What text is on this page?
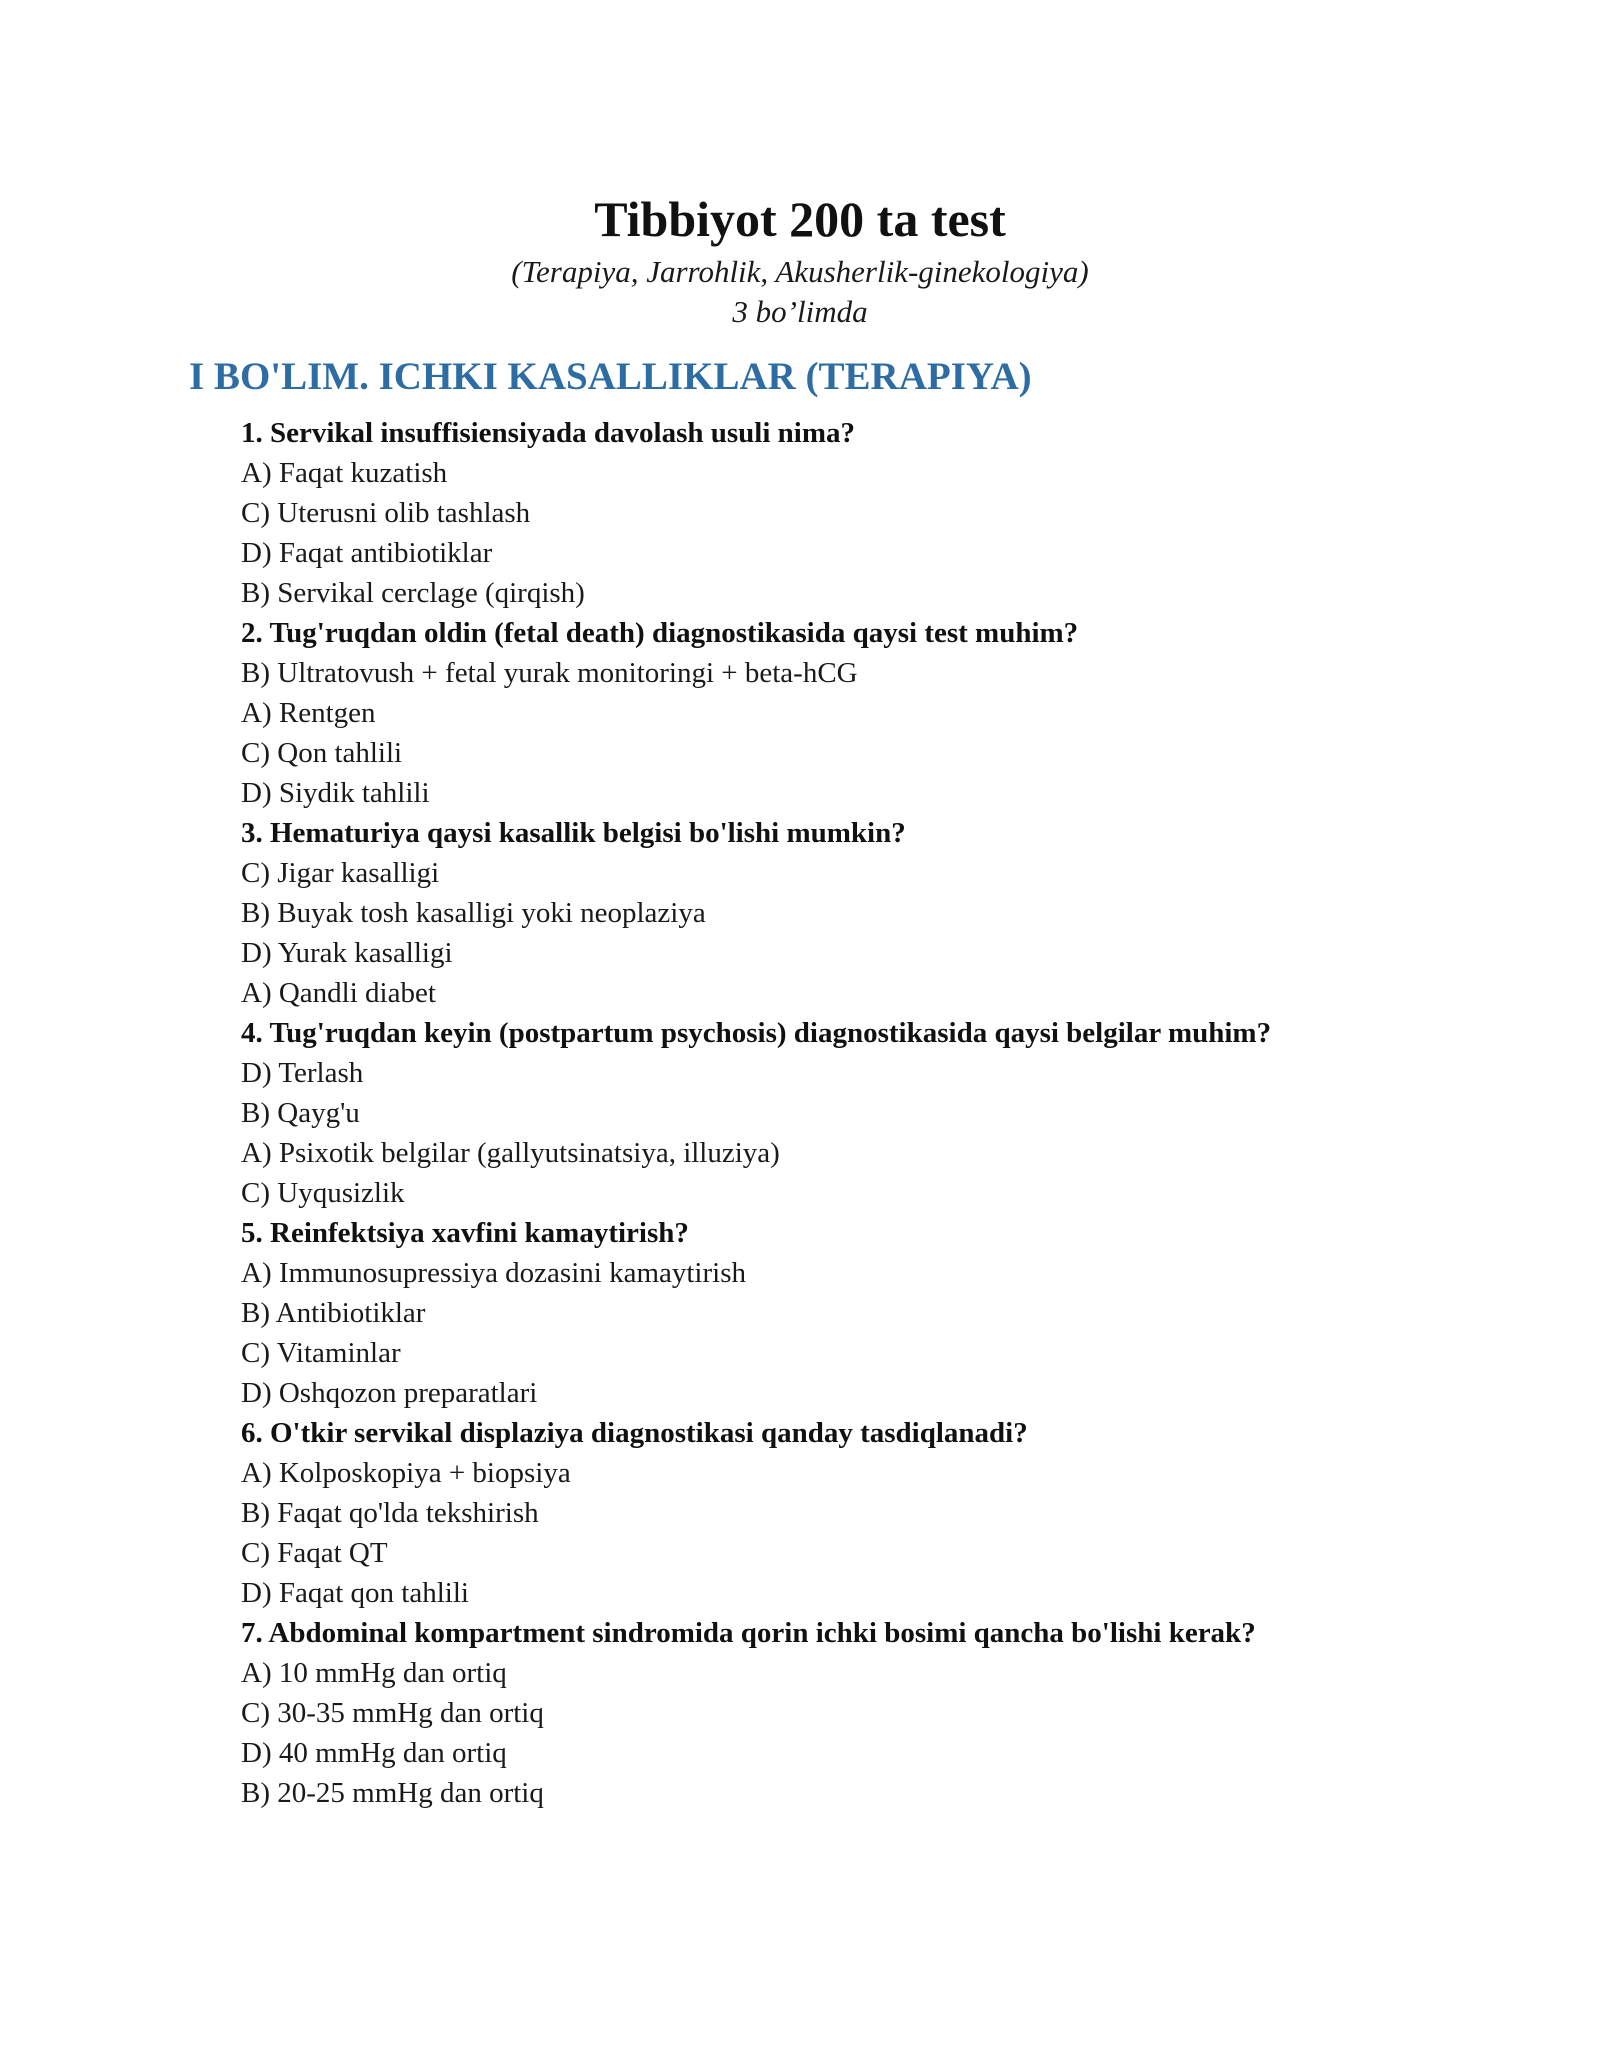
Tibbiyot 200 ta test

(Terapiya, Jarrohlik, Akusherlik-ginekologiya)

3 bo’limda

I BO'LIM. ICHKI KASALLIKLAR (TERAPIYA)

1. Servikal insuffisiensiyada davolash usuli nima?

A) Faqat kuzatish

C) Uterusni olib tashlash

D) Faqat antibiotiklar

B) Servikal cerclage (qirqish)

2. Tug'ruqdan oldin (fetal death) diagnostikasida qaysi test muhim?

B) Ultratovush + fetal yurak monitoringi + beta-hCG

A) Rentgen

C) Qon tahlili

D) Siydik tahlili

3. Hematuriya qaysi kasallik belgisi bo'lishi mumkin?

C) Jigar kasalligi

B) Buyak tosh kasalligi yoki neoplaziya

D) Yurak kasalligi

A) Qandli diabet

4. Tug'ruqdan keyin (postpartum psychosis) diagnostikasida qaysi belgilar muhim?

D) Terlash

B) Qayg'u

A) Psixotik belgilar (gallyutsinatsiya, illuziya)

C) Uyqusizlik

5. Reinfektsiya xavfini kamaytirish?

A) Immunosupressiya dozasini kamaytirish

B) Antibiotiklar

C) Vitaminlar

D) Oshqozon preparatlari

6. O'tkir servikal displaziya diagnostikasi qanday tasdiqlanadi?

A) Kolposkopiya + biopsiya

B) Faqat qo'lda tekshirish

C) Faqat QT

D) Faqat qon tahlili

7. Abdominal kompartment sindromida qorin ichki bosimi qancha bo'lishi kerak?

A) 10 mmHg dan ortiq

C) 30-35 mmHg dan ortiq

D) 40 mmHg dan ortiq

B) 20-25 mmHg dan ortiq
